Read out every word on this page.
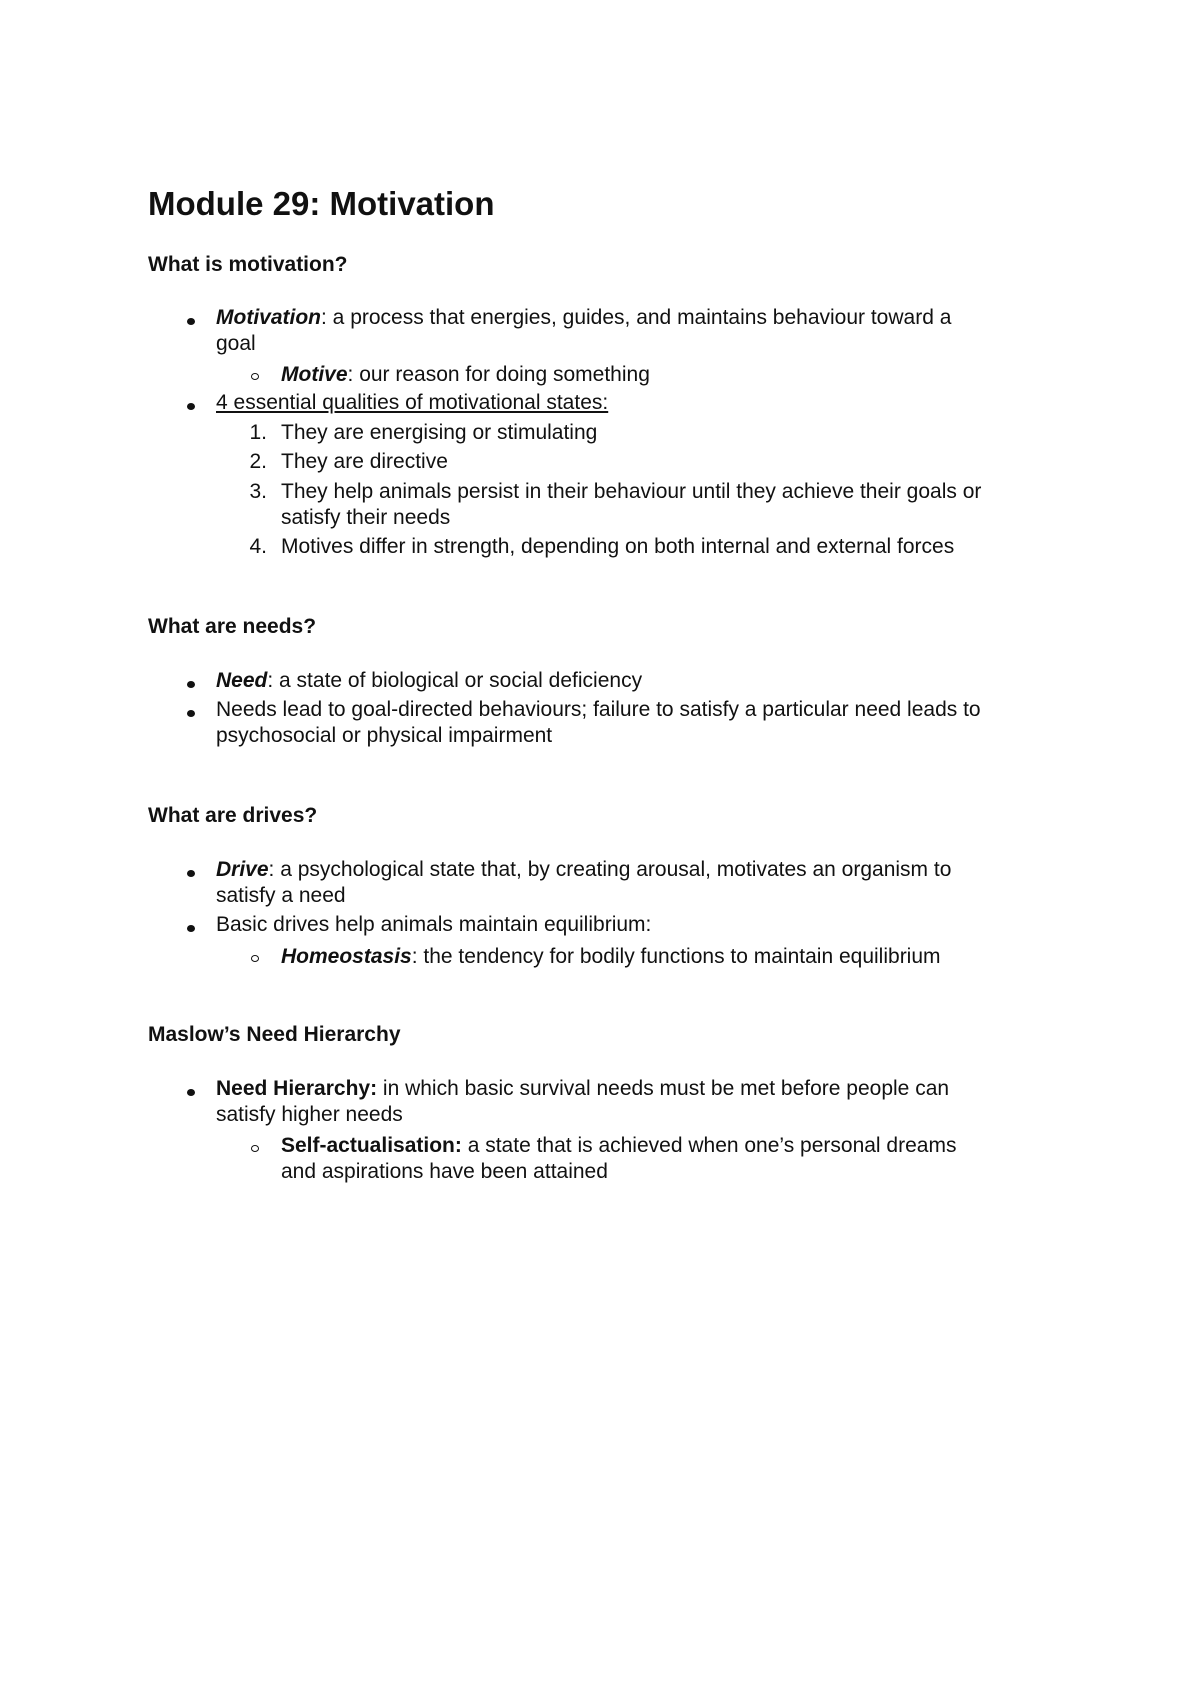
Module 29: Motivation
What is motivation?

Motivation: a process that energies, guides, and maintains behaviour toward a

goal

Motive: our reason for doing something

4 essential qualities of motivational states:

1. They are energising or stimulating

2. They are directive

3. They help animals persist in their behaviour until they achieve their goals or

satisfy their needs

4. Motives differ in strength, depending on both internal and external forces

What are needs?

Need: a state of biological or social deficiency

Needs lead to goal-directed behaviours; failure to satisfy a particular need leads to

psychosocial or physical impairment

What are drives?

Drive: a psychological state that, by creating arousal, motivates an organism to

satisfy a need

Basic drives help animals maintain equilibrium:

Homeostasis: the tendency for bodily functions to maintain equilibrium

Maslow’s Need Hierarchy

Need Hierarchy: in which basic survival needs must be met before people can

satisfy higher needs

Self-actualisation: a state that is achieved when one’s personal dreams

and aspirations have been attained
